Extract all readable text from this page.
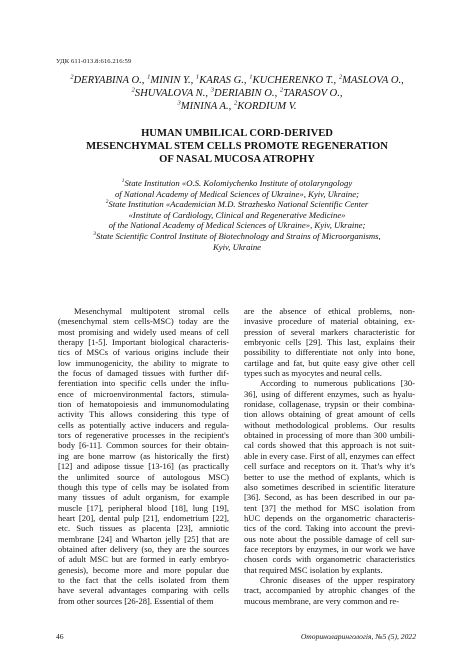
УДК 611-013.8:616.216:59
$^2$DERYABINA O., $^1$MININ Y., $^1$KARAS G., $^1$KUCHERENKO T., $^2$MASLOVA O.,
$^2$SHUVALOVA N., $^3$DERIABIN O., $^2$TARASOV O.,
$^3$MININA A., $^2$KORDIUM V.
HUMAN UMBILICAL CORD-DERIVED
MESENCHYMAL STEM CELLS PROMOTE REGENERATION
OF NASAL MUCOSA ATROPHY
$^1$State Institution «O.S. Kolomiychenko Institute of otolaryngology
of National Academy of Medical Sciences of Ukraine», Kyiv, Ukraine;
$^2$State Institution «Academician M.D. Strazhesko National Scientific Center
«Institute of Cardiology, Clinical and Regenerative Medicine»
of the National Academy of Medical Sciences of Ukraine», Kyiv, Ukraine;
$^3$State Scientific Control Institute of Biotechnology and Strains of Microorganisms,
Kyiv, Ukraine
Mesenchymal multipotent stromal cells
(mesenchymal stem cells-MSC) today are the
most promising and widely used means of cell
therapy [1-5]. Important biological characteris-
tics of MSCs of various origins include their
low immunogenicity, the ability to migrate to
the focus of damaged tissues with further dif-
ferentiation into specific cells under the influ-
ence of microenvironmental factors, stimula-
tion of hematopoiesis and immunomodulating
activity This allows considering this type of
cells as potentially active inducers and regula-
tors of regenerative processes in the recipient's
body [6-11]. Common sources for their obtain-
ing are bone marrow (as historically the first)
[12] and adipose tissue [13-16] (as practically
the unlimited source of autologous MSC)
though this type of cells may be isolated from
many tissues of adult organism, for example
muscle [17], peripheral blood [18], lung [19],
heart [20], dental pulp [21], endometrium [22],
etc. Such tissues as placenta [23], amniotic
membrane [24] and Wharton jelly [25] that are
obtained after delivery (so, they are the sources
of adult MSC but are formed in early embryo-
genesis), become more and more popular due
to the fact that the cells isolated from them
have several advantages comparing with cells
from other sources [26-28]. Essential of them
are the absence of ethical problems, non-
invasive procedure of material obtaining, ex-
pression of several markers characteristic for
embryonic cells [29]. This last, explains their
possibility to differentiate not only into bone,
cartilage and fat, but quite easy give other cell
types such as myocytes and neural cells.
According to numerous publications [30-
36], using of different enzymes, such as hyalu-
ronidase, collagenase, trypsin or their combina-
tion allows obtaining of great amount of cells
without methodological problems. Our results
obtained in processing of more than 300 umbili-
cal cords showed that this approach is not suit-
able in every case. First of all, enzymes can effect
cell surface and receptors on it. That’s why it’s
better to use the method of explants, which is
also sometimes described in scientific literature
[36]. Second, as has been described in our pa-
tent [37] the method for MSC isolation from
hUC depends on the organometric characteris-
tics of the cord. Taking into account the previ-
ous note about the possible damage of cell sur-
face receptors by enzymes, in our work we have
chosen cords with organometric characteristics
that required MSC isolation by explants.
Chronic diseases of the upper respiratory
tract, accompanied by atrophic changes of the
mucous membrane, are very common and re-
46	Оториноларингологія, №5 (5), 2022
